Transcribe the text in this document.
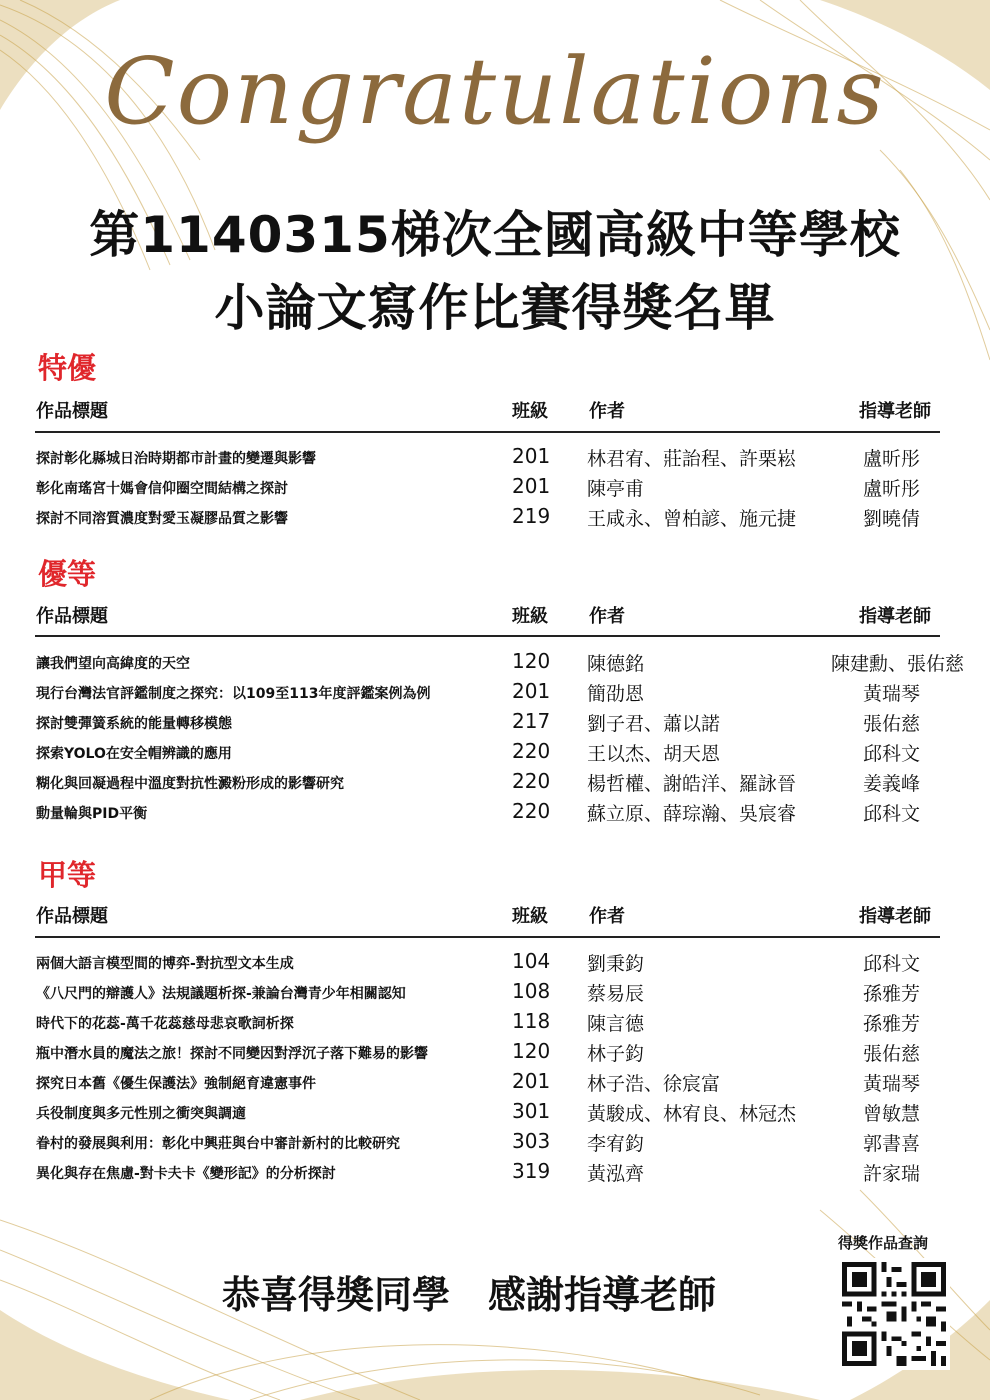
Congratulations
第1140315梯次全國高級中等學校
小論文寫作比賽得獎名單
特優
作品標題	班級 作者	指導老師
探討彰化縣城日治時期都市計畫的變遷與影響	201 林君宥、莊詒程、許栗崧	盧昕彤
彰化南瑤宮十媽會信仰圈空間結構之探討	201 陳亭甫	盧昕彤
探討不同溶質濃度對愛玉凝膠品質之影響	219 王咸永、曾柏諺、施元捷	劉曉倩
優等
作品標題	班級 作者	指導老師
讓我們望向高緯度的天空	120 陳德銘	陳建勳、張佑慈
現行台灣法官評鑑制度之探究：以109至113年度評鑑案例為例	201 簡劭恩	黃瑞琴
探討雙彈簧系統的能量轉移模態	217 劉子君、蕭以諾	張佑慈
探索YOLO在安全帽辨識的應用	220 王以杰、胡天恩	邱科文
糊化與回凝過程中溫度對抗性澱粉形成的影響研究	220 楊哲權、謝皓洋、羅詠晉	姜義峰
動量輪與PID平衡	220 蘇立原、薛琮瀚、吳宸睿	邱科文
甲等
作品標題	班級 作者	指導老師
兩個大語言模型間的博弈-對抗型文本生成	104 劉秉鈞	邱科文
《八尺門的辯護人》法規議題析探-兼論台灣青少年相關認知	108 蔡易辰	孫雅芳
時代下的花蕊-萬千花蕊慈母悲哀歌詞析探	118 陳言德	孫雅芳
瓶中潛水員的魔法之旅！探討不同變因對浮沉子落下難易的影響	120 林子鈞	張佑慈
探究日本舊《優生保護法》強制絕育違憲事件	201 林子浩、徐宸富	黃瑞琴
兵役制度與多元性別之衝突與調適	301 黃駿成、林宥良、林冠杰	曾敏慧
眷村的發展與利用：彰化中興莊與台中審計新村的比較研究	303 李宥鈞	郭書喜
異化與存在焦慮-對卡夫卡《變形記》的分析探討	319 黃泓齊	許家瑞
恭喜得獎同學　感謝指導老師
得獎作品查詢
